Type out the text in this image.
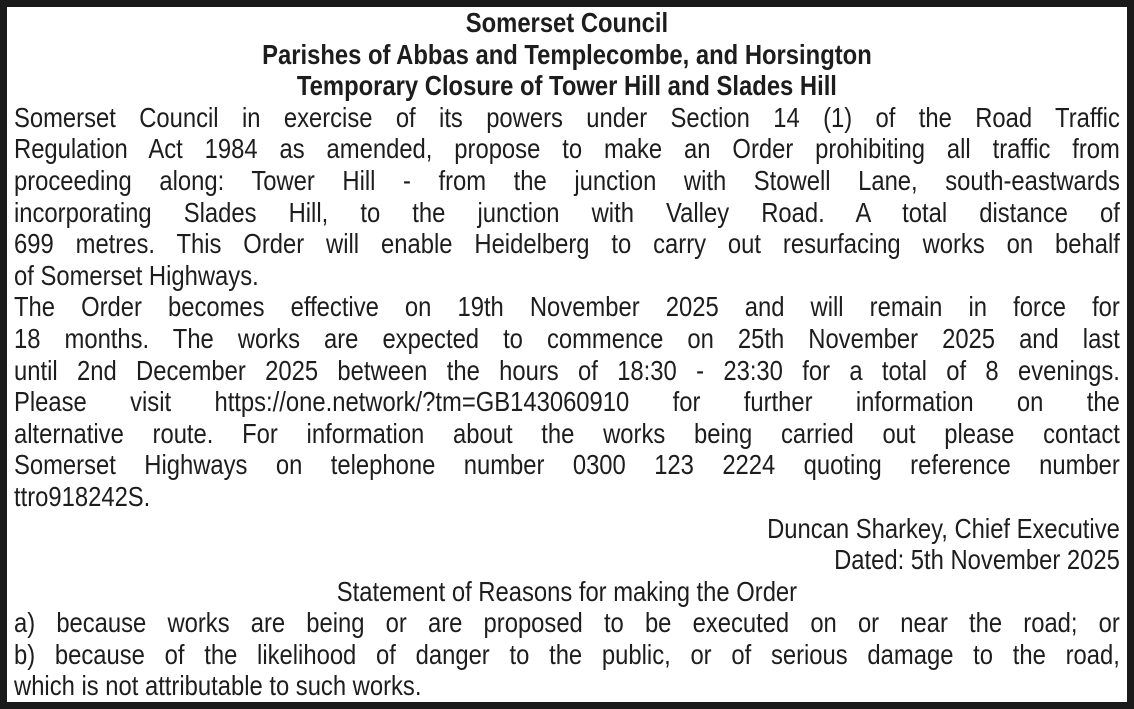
Somerset Council
Parishes of Abbas and Templecombe, and Horsington
Temporary Closure of Tower Hill and Slades Hill
Somerset Council in exercise of its powers under Section 14 (1) of the Road Traffic
Regulation Act 1984 as amended, propose to make an Order prohibiting all traffic from
proceeding along: Tower Hill - from the junction with Stowell Lane, south-eastwards
incorporating Slades Hill, to the junction with Valley Road. A total distance of
699 metres. This Order will enable Heidelberg to carry out resurfacing works on behalf
of Somerset Highways.
The Order becomes effective on 19th November 2025 and will remain in force for
18 months. The works are expected to commence on 25th November 2025 and last
until 2nd December 2025 between the hours of 18:30 - 23:30 for a total of 8 evenings.
Please visit https://one.network/?tm=GB143060910 for further information on the
alternative route. For information about the works being carried out please contact
Somerset Highways on telephone number 0300 123 2224 quoting reference number
ttro918242S.
Duncan Sharkey, Chief Executive
Dated: 5th November 2025
Statement of Reasons for making the Order
a) because works are being or are proposed to be executed on or near the road; or
b) because of the likelihood of danger to the public, or of serious damage to the road,
which is not attributable to such works.
